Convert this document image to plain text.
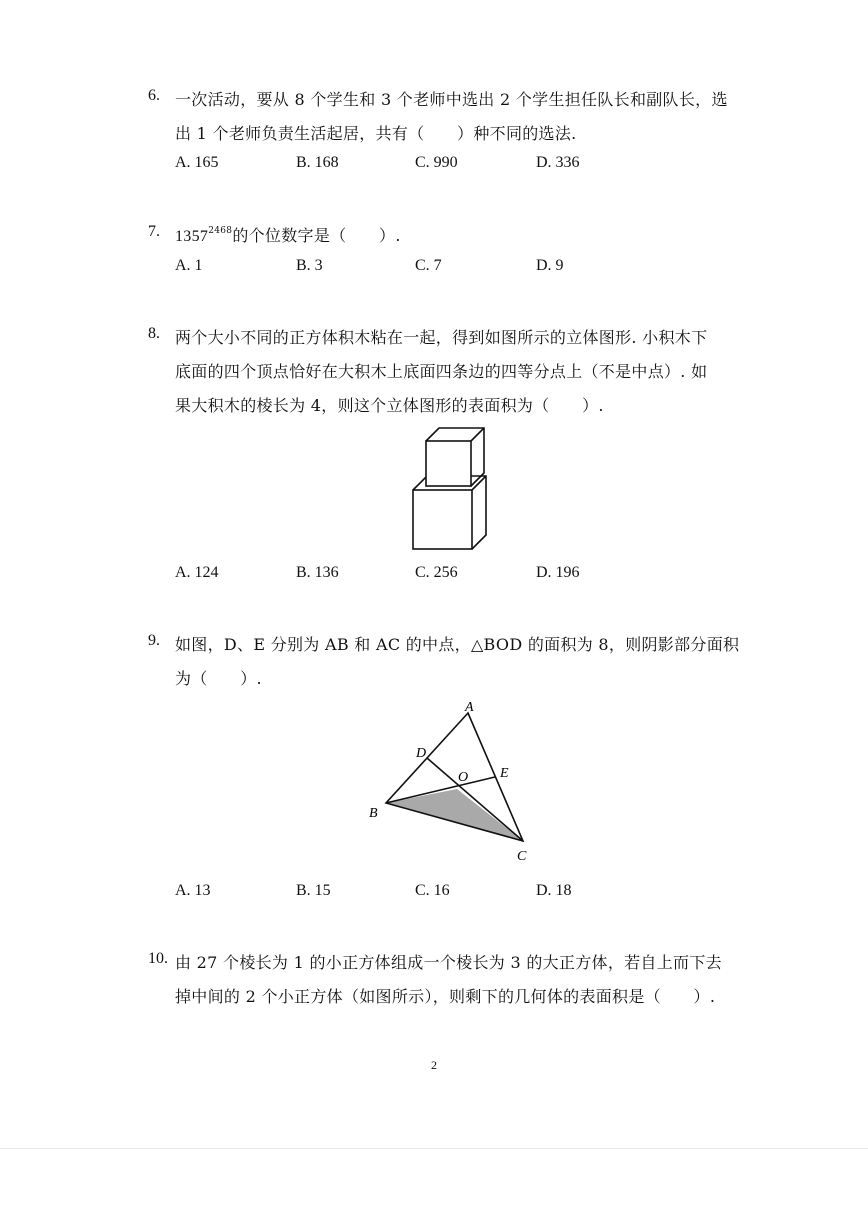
6. 一次活动，要从 8 个学生和 3 个老师中选出 2 个学生担任队长和副队长，选
出 1 个老师负责生活起居，共有（　　）种不同的选法.
A. 165	B. 168	C. 990	D. 336
7. $1357^{2468}$的个位数字是（　　）.
A. 1	B. 3	C. 7	D. 9
8. 两个大小不同的正方体积木粘在一起，得到如图所示的立体图形. 小积木下
底面的四个顶点恰好在大积木上底面四条边的四等分点上（不是中点）. 如
果大积木的棱长为 4，则这个立体图形的表面积为（　　）.
A. 124	B. 136	C. 256	D. 196
9. 如图，D、E 分别为 AB 和 AC 的中点，△BOD 的面积为 8，则阴影部分面积
为（　　）.
A
D
O E
B
C
A. 13	B. 15	C. 16	D. 18
10. 由 27 个棱长为 1 的小正方体组成一个棱长为 3 的大正方体，若自上而下去
掉中间的 2 个小正方体（如图所示），则剩下的几何体的表面积是（　　）.
2
